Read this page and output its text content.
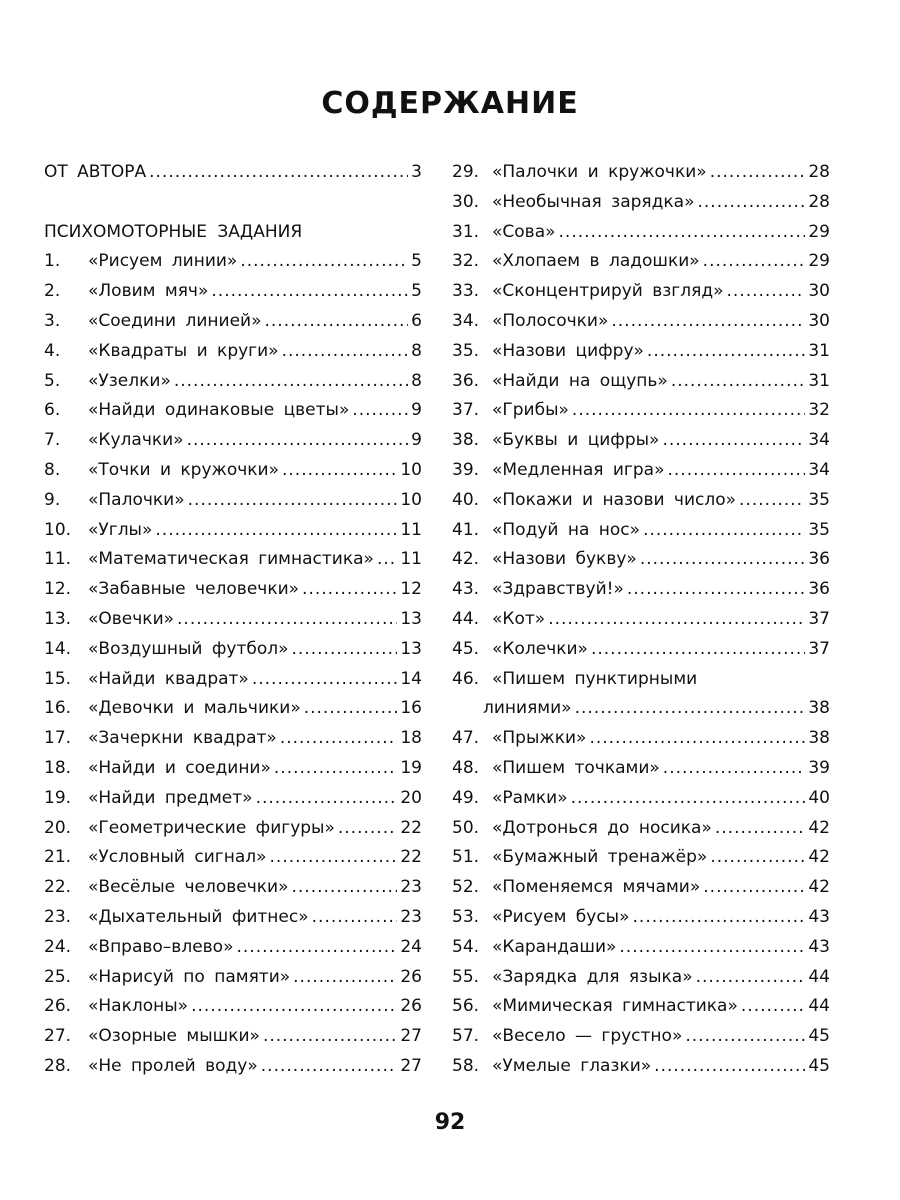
СОДЕРЖАНИЕ
ОТ АВТОРА .....	3
ПСИХОМОТОРНЫЕ ЗАДАНИЯ
1.	«Рисуем линии» .....	5
2.	«Ловим мяч» .....	5
3.	«Соедини линией» .....	6
4.	«Квадраты и круги» .....	8
5.	«Узелки» .....	8
6.	«Найди одинаковые цветы» .....	9
7.	«Кулачки» .....	9
8.	«Точки и кружочки» .....	10
9.	«Палочки» .....	10
10. «Углы» .....	11
11. «Математическая гимнастика» ..... 11
12. «Забавные человечки» .....	12
13. «Овечки» .....	13
14. «Воздушный футбол» .....	13
15. «Найди квадрат» .....	14
16. «Девочки и мальчики» .....	16
17. «Зачеркни квадрат» .....	18
18. «Найди и соедини» .....	19
19. «Найди предмет» .....	20
20. «Геометрические фигуры» .....	22
21. «Условный сигнал» .....	22
22. «Весёлые человечки» .....	23
23. «Дыхательный фитнес» .....	23
24. «Вправо–влево» .....	24
25. «Нарисуй по памяти» .....	26
26. «Наклоны» .....	26
27. «Озорные мышки» .....	27
28. «Не пролей воду» .....	27
29. «Палочки и кружочки» .....	28
30. «Необычная зарядка» .....	28
31. «Сова» .....	29
32. «Хлопаем в ладошки» .....	29
33. «Сконцентрируй взгляд» .....	30
34. «Полосочки» .....	30
35. «Назови цифру» .....	31
36. «Найди на ощупь» .....	31
37. «Грибы» .....	32
38. «Буквы и цифры» .....	34
39. «Медленная игра» .....	34
40. «Покажи и назови число» .....	35
41. «Подуй на нос» .....	35
42. «Назови букву» .....	36
43. «Здравствуй!» .....	36
44. «Кот» .....	37
45. «Колечки» .....	37
46. «Пишем пунктирными
линиями» .....	38
47. «Прыжки» .....	38
48. «Пишем точками» .....	39
49. «Рамки» .....	40
50. «Дотронься до носика» .....	42
51. «Бумажный тренажёр» .....	42
52. «Поменяемся мячами» .....	42
53. «Рисуем бусы» .....	43
54. «Карандаши» .....	43
55. «Зарядка для языка» .....	44
56. «Мимическая гимнастика» .....	44
57. «Весело — грустно» .....	45
58. «Умелые глазки» .....	45
92
